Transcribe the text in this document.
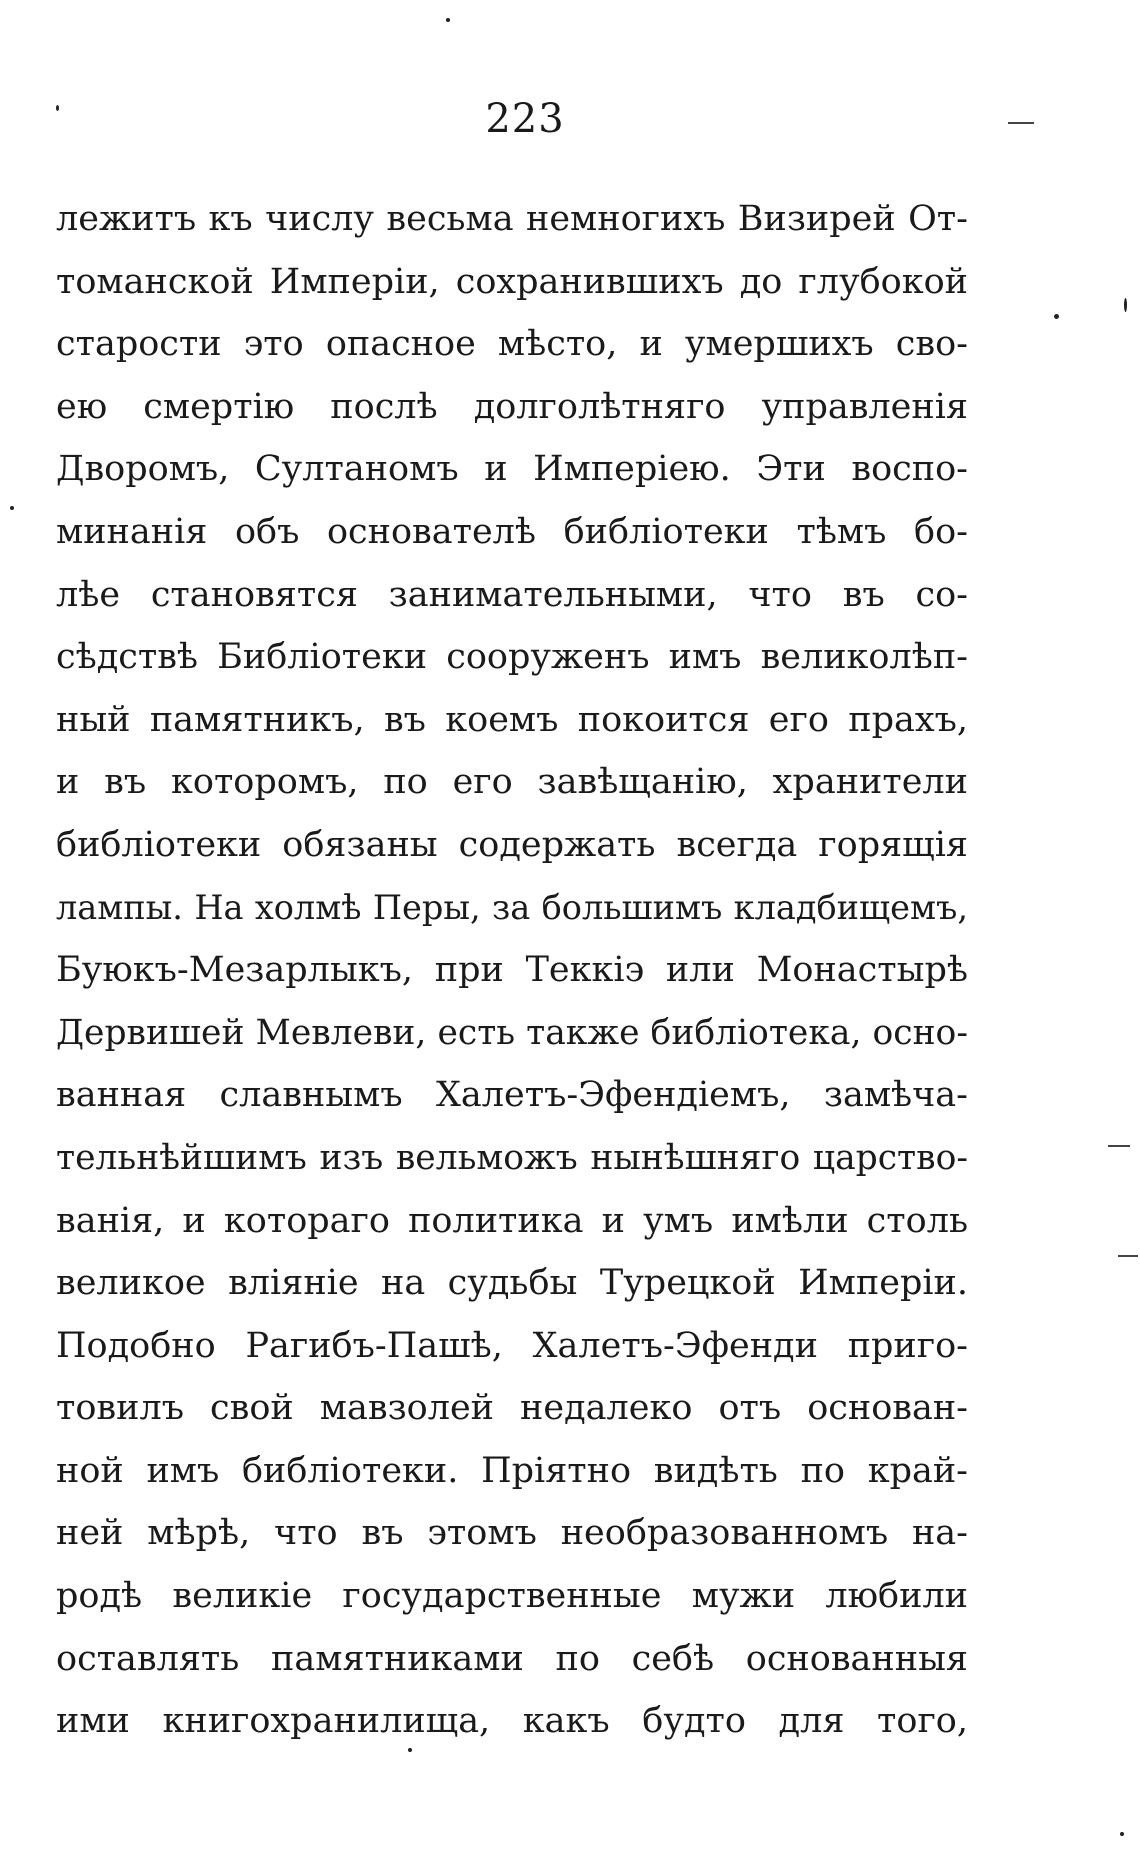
223
лежитъ къ числу весьма немногихъ Визирей От-
томанской Имперіи, сохранившихъ до глубокой
старости это опасное мѣсто, и умершихъ сво-
ею смертію послѣ долголѣтняго управленія
Дворомъ, Султаномъ и Имперіею. Эти воспо-
минанія объ основателѣ библіотеки тѣмъ бо-
лѣе становятся занимательными, что въ со-
сѣдствѣ Библіотеки сооруженъ имъ великолѣп-
ный памятникъ, въ коемъ покоится его прахъ,
и въ которомъ, по его завѣщанію, хранители
библіотеки обязаны содержать всегда горящія
лампы. На холмѣ Перы, за большимъ кладбищемъ,
Буюкъ-Мезарлыкъ, при Теккіэ или Монастырѣ
Дервишей Мевлеви, есть также библіотека, осно-
ванная славнымъ Халетъ-Эфендіемъ, замѣча-
тельнѣйшимъ изъ вельможъ нынѣшняго царство-
ванія, и котораго политика и умъ имѣли столь
великое вліяніе на судьбы Турецкой Имперіи.
Подобно Рагибъ-Пашѣ, Халетъ-Эфенди приго-
товилъ свой мавзолей недалеко отъ основан-
ной имъ библіотеки. Пріятно видѣть по край-
ней мѣрѣ, что въ этомъ необразованномъ на-
родѣ великіе государственные мужи любили
оставлять памятниками по себѣ основанныя
ими книгохранилища, какъ будто для того,
